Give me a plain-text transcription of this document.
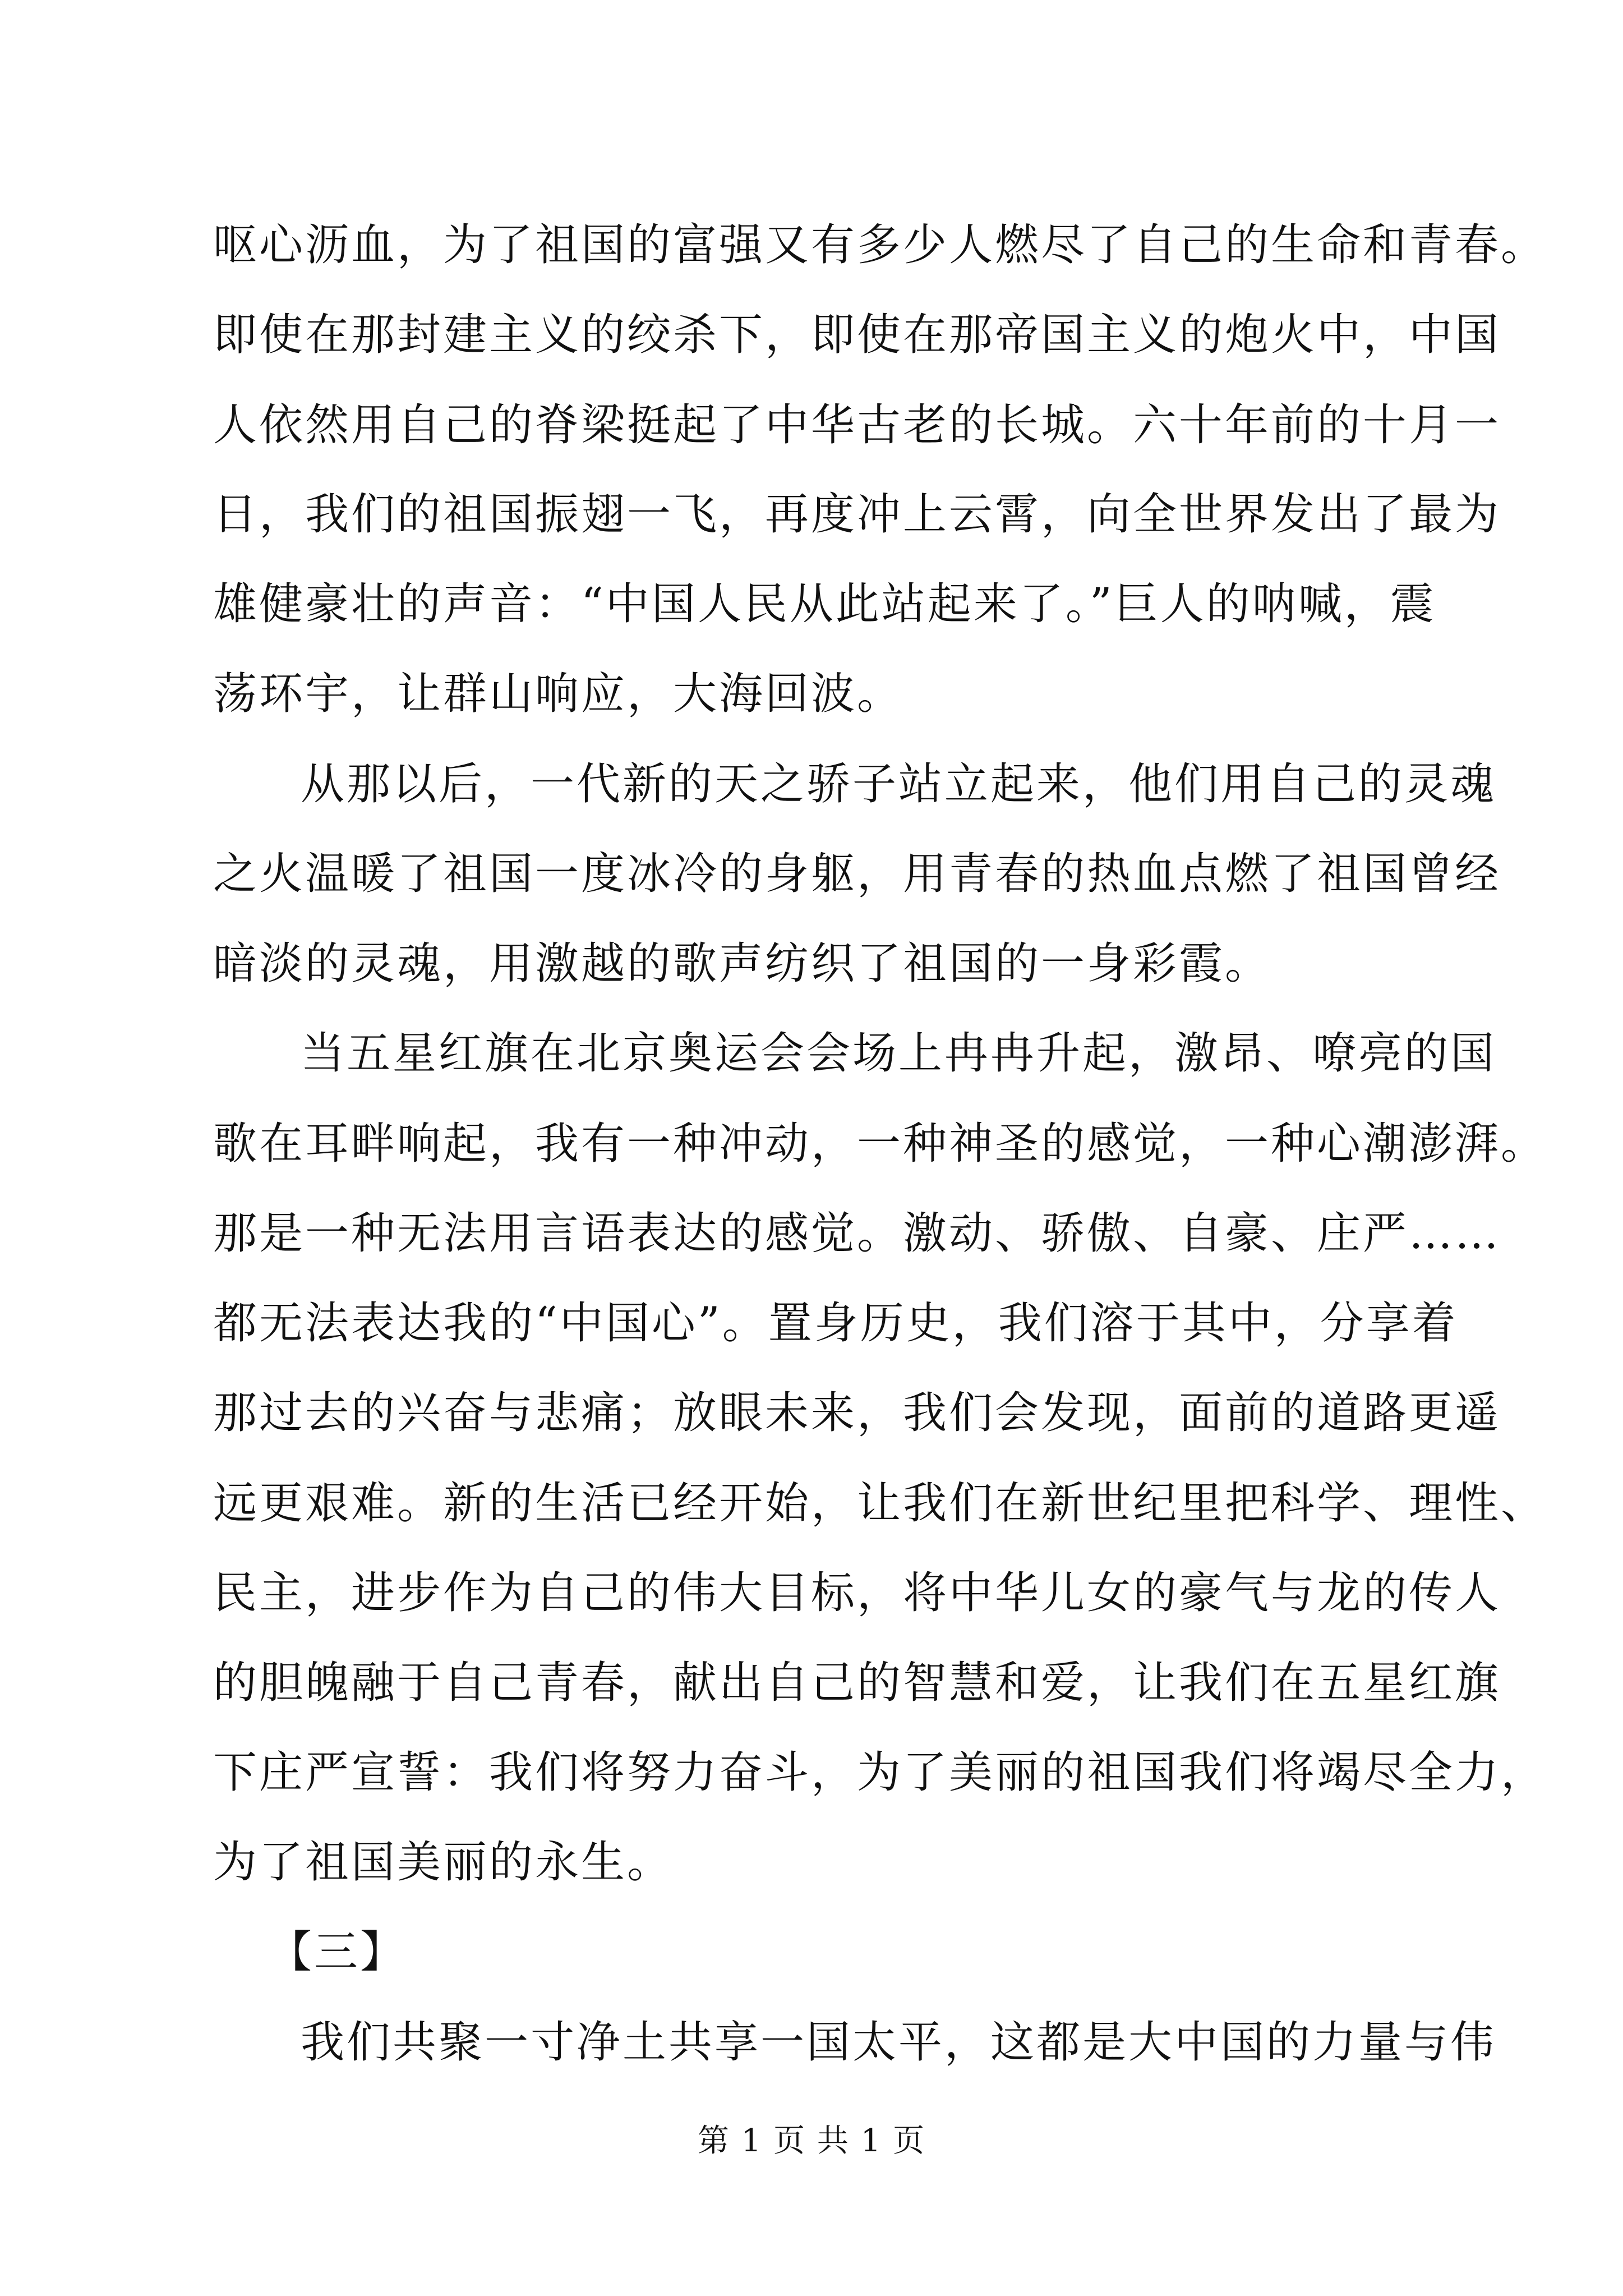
呕心沥血，为了祖国的富强又有多少人燃尽了自己的生命和青春。
即使在那封建主义的绞杀下，即使在那帝国主义的炮火中，中国
人依然用自己的脊梁挺起了中华古老的长城。六十年前的十月一
日，我们的祖国振翅一飞，再度冲上云霄，向全世界发出了最为
雄健豪壮的声音：“中国人民从此站起来了。”巨人的呐喊，震
荡环宇，让群山响应，大海回波。
从那以后，一代新的天之骄子站立起来，他们用自己的灵魂
之火温暖了祖国一度冰冷的身躯，用青春的热血点燃了祖国曾经
暗淡的灵魂，用激越的歌声纺织了祖国的一身彩霞。
当五星红旗在北京奥运会会场上冉冉升起，激昂、嘹亮的国
歌在耳畔响起，我有一种冲动，一种神圣的感觉，一种心潮澎湃。
那是一种无法用言语表达的感觉。激动、骄傲、自豪、庄严……
都无法表达我的“中国心”。置身历史，我们溶于其中，分享着
那过去的兴奋与悲痛；放眼未来，我们会发现，面前的道路更遥
远更艰难。新的生活已经开始，让我们在新世纪里把科学、理性、
民主，进步作为自己的伟大目标，将中华儿女的豪气与龙的传人
的胆魄融于自己青春，献出自己的智慧和爱，让我们在五星红旗
下庄严宣誓：我们将努力奋斗，为了美丽的祖国我们将竭尽全力，
为了祖国美丽的永生。
【三】
我们共聚一寸净土共享一国太平，这都是大中国的力量与伟
第 1 页 共 1 页
